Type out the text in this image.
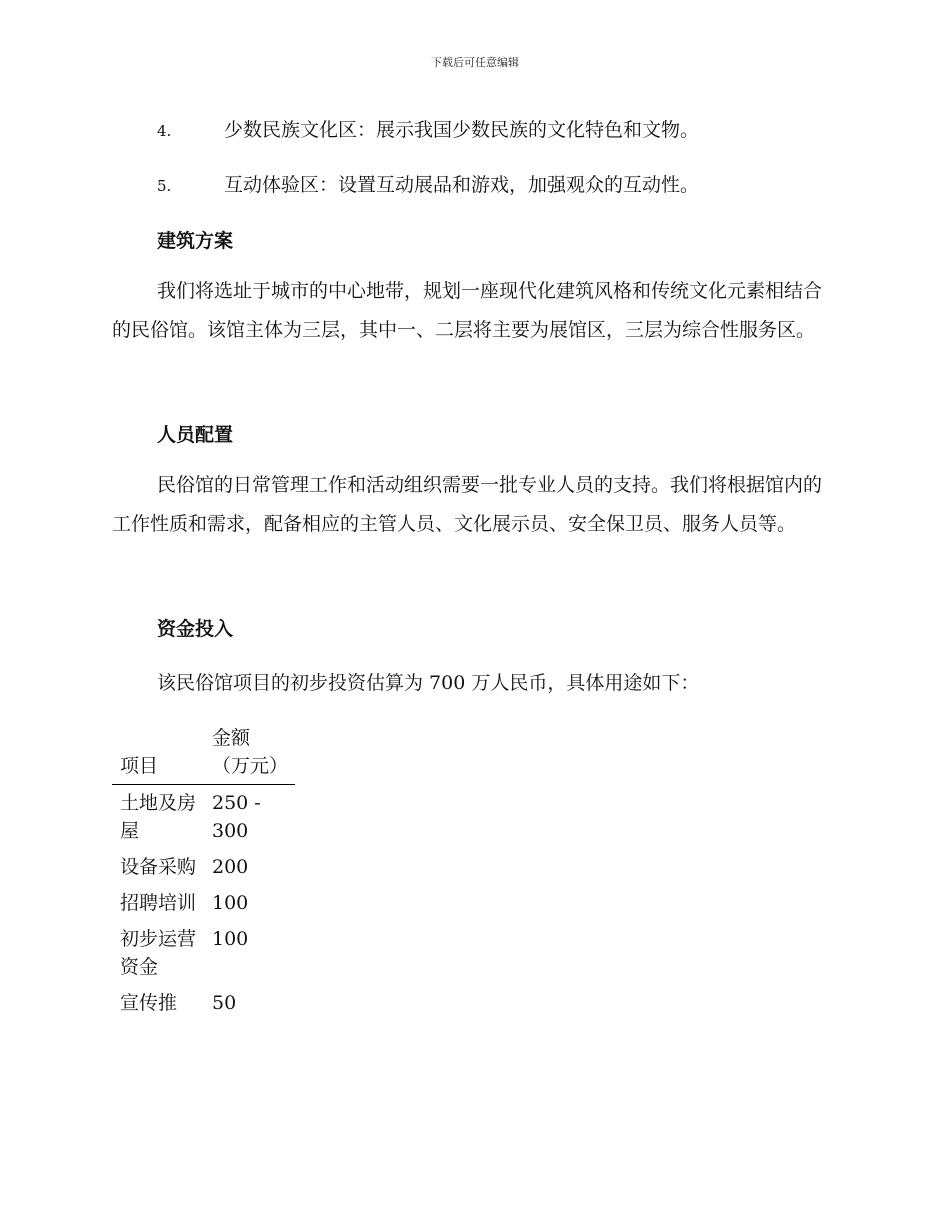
下载后可任意编辑
4.	少数民族文化区：展示我国少数民族的文化特色和文物。
5.	互动体验区：设置互动展品和游戏，加强观众的互动性。
建筑方案

我们将选址于城市的中心地带，规划一座现代化建筑风格和传统文化元素相结合的民俗馆。该馆主体为三层，其中一、二层将主要为展馆区，三层为综合性服务区。

人员配置

民俗馆的日常管理工作和活动组织需要一批专业人员的支持。我们将根据馆内的工作性质和需求，配备相应的主管人员、文化展示员、安全保卫员、服务人员等。

资金投入
该民俗馆项目的初步投资估算为 700 万人民币，具体用途如下：
项目	金额（万元）
土地及房屋	250 - 300
设备采购	200
招聘培训	100
初步运营资金	100
宣传推	50
